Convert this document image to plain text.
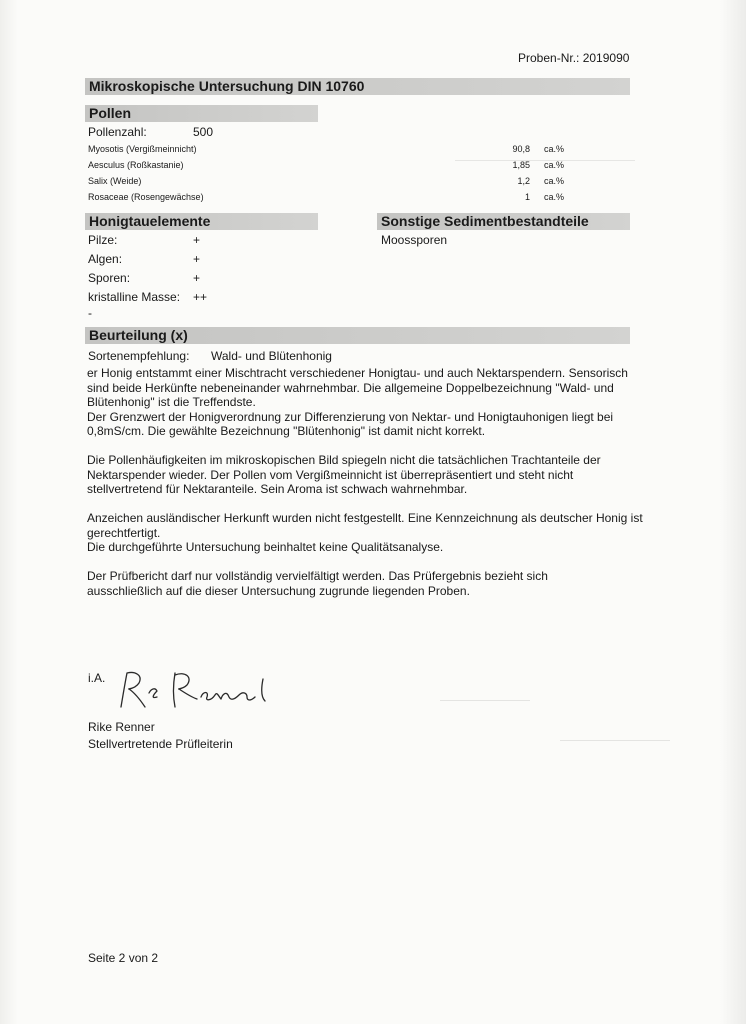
Proben-Nr.: 2019090
Mikroskopische Untersuchung DIN 10760
Pollen
Pollenzahl:	500
Myosotis (Vergißmeinnicht)	90,8 ca.%
Aesculus (Roßkastanie)	1,85 ca.%
Salix (Weide)	1,2 ca.%
Rosaceae (Rosengewächse)	1 ca.%
Honigtauelemente
Pilze:	+
Algen:	+
Sporen:	+
kristalline Masse: ++
-
Sonstige Sedimentbestandteile
Moossporen
Beurteilung (x)
Sortenempfehlung: Wald- und Blütenhonig

er Honig entstammt einer Mischtracht verschiedener Honigtau- und auch Nektarspendern. Sensorisch sind beide Herkünfte nebeneinander wahrnehmbar. Die allgemeine Doppelbezeichnung "Wald- und Blütenhonig" ist die Treffendste.

Der Grenzwert der Honigverordnung zur Differenzierung von Nektar- und Honigtauhonigen liegt bei 0,8mS/cm. Die gewählte Bezeichnung "Blütenhonig" ist damit nicht korrekt.

Die Pollenhäufigkeiten im mikroskopischen Bild spiegeln nicht die tatsächlichen Trachtanteile der Nektarspender wieder. Der Pollen vom Vergißmeinnicht ist überrepräsentiert und steht nicht stellvertretend für Nektaranteile. Sein Aroma ist schwach wahrnehmbar.

Anzeichen ausländischer Herkunft wurden nicht festgestellt. Eine Kennzeichnung als deutscher Honig ist gerechtfertigt.

Die durchgeführte Untersuchung beinhaltet keine Qualitätsanalyse.

Der Prüfbericht darf nur vollständig vervielfältigt werden. Das Prüfergebnis bezieht sich ausschließlich auf die dieser Untersuchung zugrunde liegenden Proben.

i.A.
Rike Renner
Stellvertretende Prüfleiterin
Seite 2 von 2
